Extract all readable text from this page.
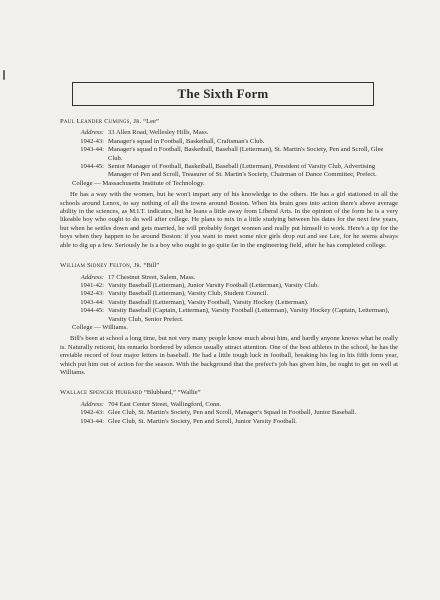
The Sixth Form
Paul Leander Cumings, Jr. “Lee”
Address: 33 Allen Road, Wellesley Hills, Mass.
1942-43: Manager's squad in Football, Basketball, Craftsman's Club.
1943-44: Manager's squad n Football, Basketball, Baseball (Letterman), St. Martin's Society, Pen and Scroll, Glee Club.
1944-45: Senior Manager of Football, Basketball, Baseball (Letterman), President of Varsity Club, Advertising Manager of Pen and Scroll, Treasurer of St. Martin's Society, Chairman of Dance Committee, Prefect.
College — Massachusetts Institute of Technology.
He has a way with the women, but he won't impart any of his knowledge to the others. He has a girl stationed in all the schools around Lenox, to say nothing of all the towns around Boston. When his brain goes into action there's above average ability in the sciences, as M.I.T. indicates, but he leans a little away from Liberal Arts. In the opinion of the form he is a very likeable boy who ought to do well after college. He plans to mix in a little studying between his dates for the next few years, but when he settles down and gets married, he will probably forget women and really put himself to work. Here's a tip for the boys when they happen to be around Boston: if you want to meet some nice girls drop out and see Lee, for he seems always able to dig up a few. Seriously he is a boy who ought to go quite far in the engineering field, after he has completed college.
William Sidney Felton, Jr. “Bill”
Address: 17 Chestnut Street, Salem, Mass.
1941-42: Varsity Baseball (Letterman), Junior Varsity Football (Letterman), Varsity Club.
1942-43: Varsity Baseball (Letterman), Varsity Club, Student Council.
1943-44: Varsity Baseball (Letterman), Varsity Football, Varsity Hockey (Letterman).
1944-45: Varsity Baseball (Captain, Letterman), Varsity Football (Letterman), Varsity Hockey (Captain, Letterman), Varsity Club, Senior Prefect.
College — Williams.
Bill's been at school a long time, but not very many people know much about him, and hardly anyone knows what he really is. Naturally reticent, his remarks bordered by silence usually attract attention. One of the best athletes in the school, he has the enviable record of four major letters in baseball. He had a little tough luck in football, breaking his leg in his fifth form year, which put him out of action for the season. With the background that the prefect's job has given him, he ought to get on well at Williams.
Wallace Spencer Hubbard “Blubbard,” “Wallie”
Address: 704 East Center Street, Wallingford, Conn.
1942-43: Glee Club, St. Martin's Society, Pen and Scroll, Manager's Squad in Football, Junior Baseball.
1943-44: Glee Club, St. Martin's Society, Pen and Scroll, Junior Varsity Football.
